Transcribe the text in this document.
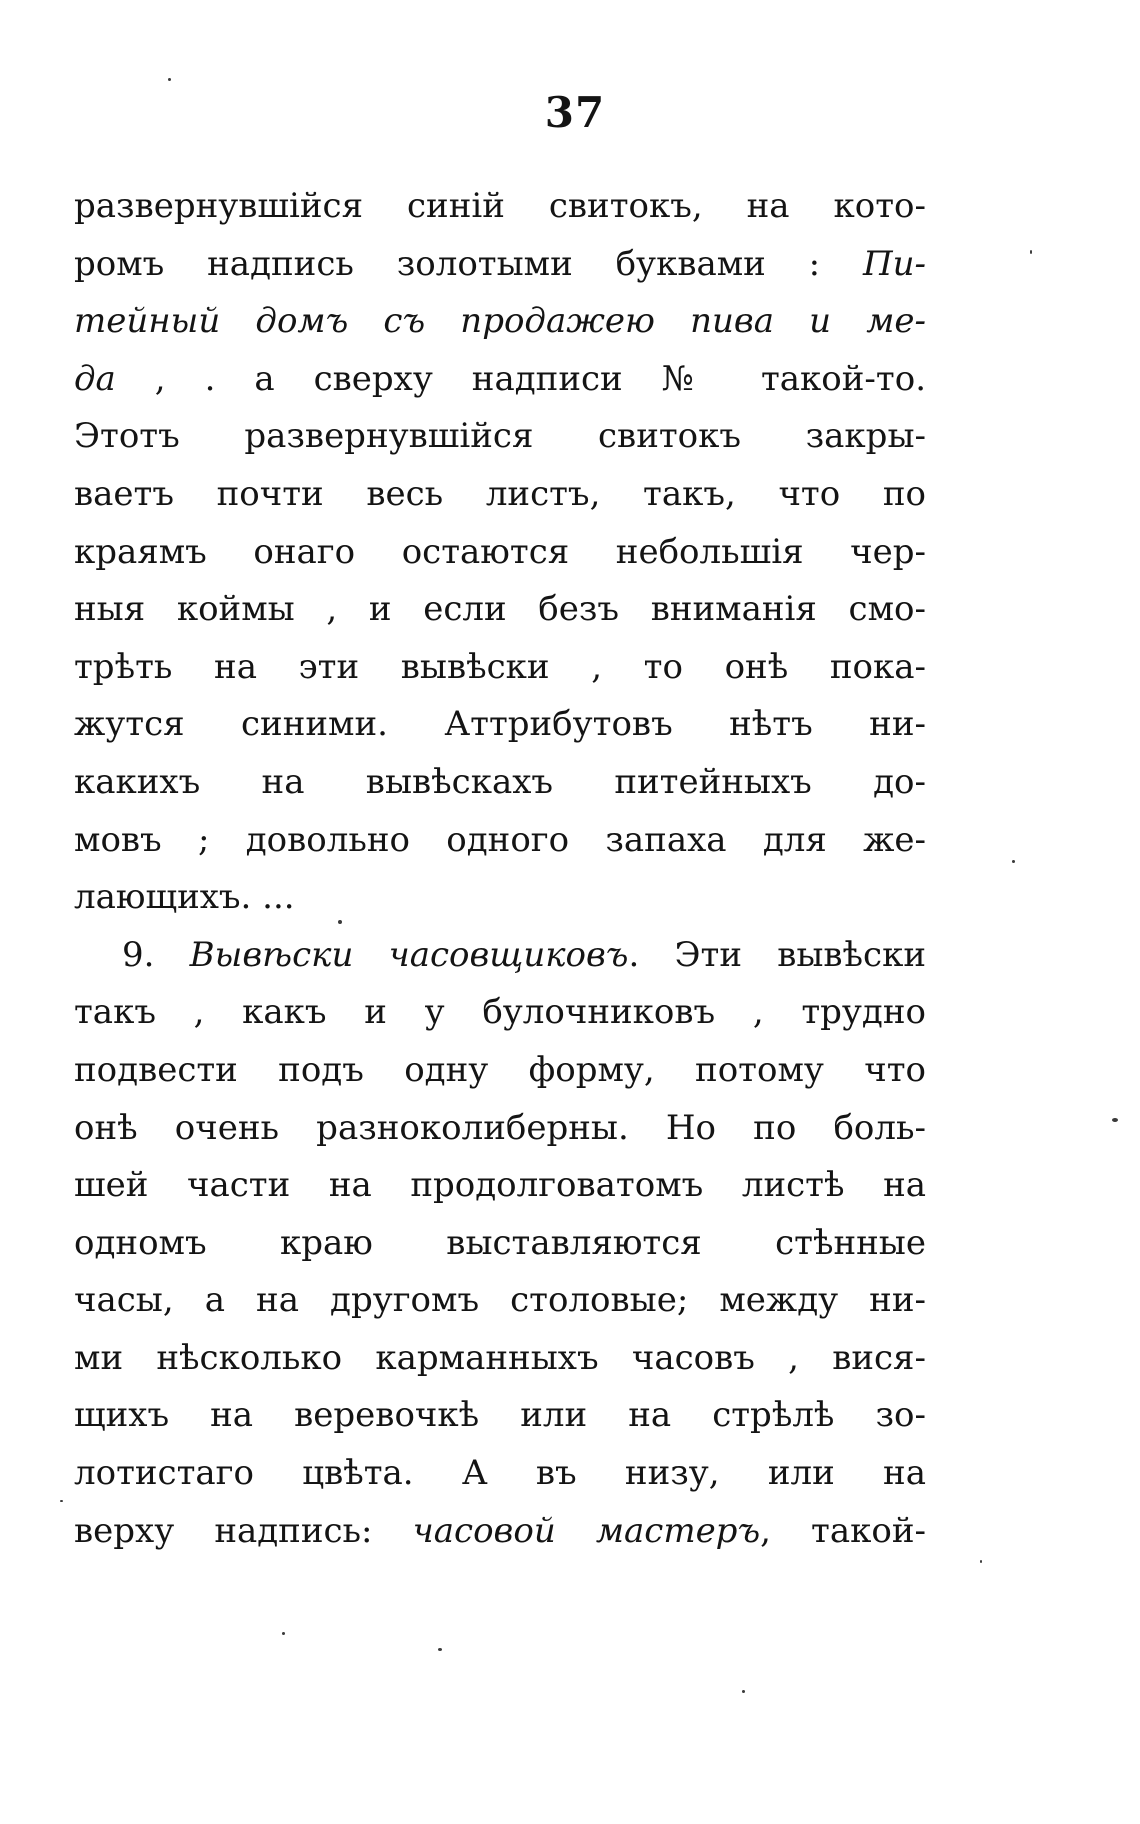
37
развернувшійся синій свитокъ, на кото-
ромъ надпись золотыми буквами : Пи-
тейный домъ съ продажею пива и ме-
да , . а сверху надписи № такой-то.
Этотъ развернувшійся свитокъ закры-
ваетъ почти весь листъ, такъ, что по
краямъ онаго остаются небольшія чер-
ныя коймы , и если безъ вниманія смо-
трѣть на эти вывѣски , то онѣ пока-
жутся синими. Аттрибутовъ нѣтъ ни-
какихъ на вывѣскахъ питейныхъ до-
мовъ ; довольно одного запаха для же-
лающихъ. ...
9. Вывѣски часовщиковъ. Эти вывѣски
такъ , какъ и у булочниковъ , трудно
подвести подъ одну форму, потому что
онѣ очень разноколиберны. Но по боль-
шей части на продолговатомъ листѣ на
одномъ краю выставляются стѣнные
часы, а на другомъ столовые; между ни-
ми нѣсколько карманныхъ часовъ , вися-
щихъ на веревочкѣ или на стрѣлѣ зо-
лотистаго цвѣта. А въ низу, или на
верху надпись: часовой мастеръ, такой-
